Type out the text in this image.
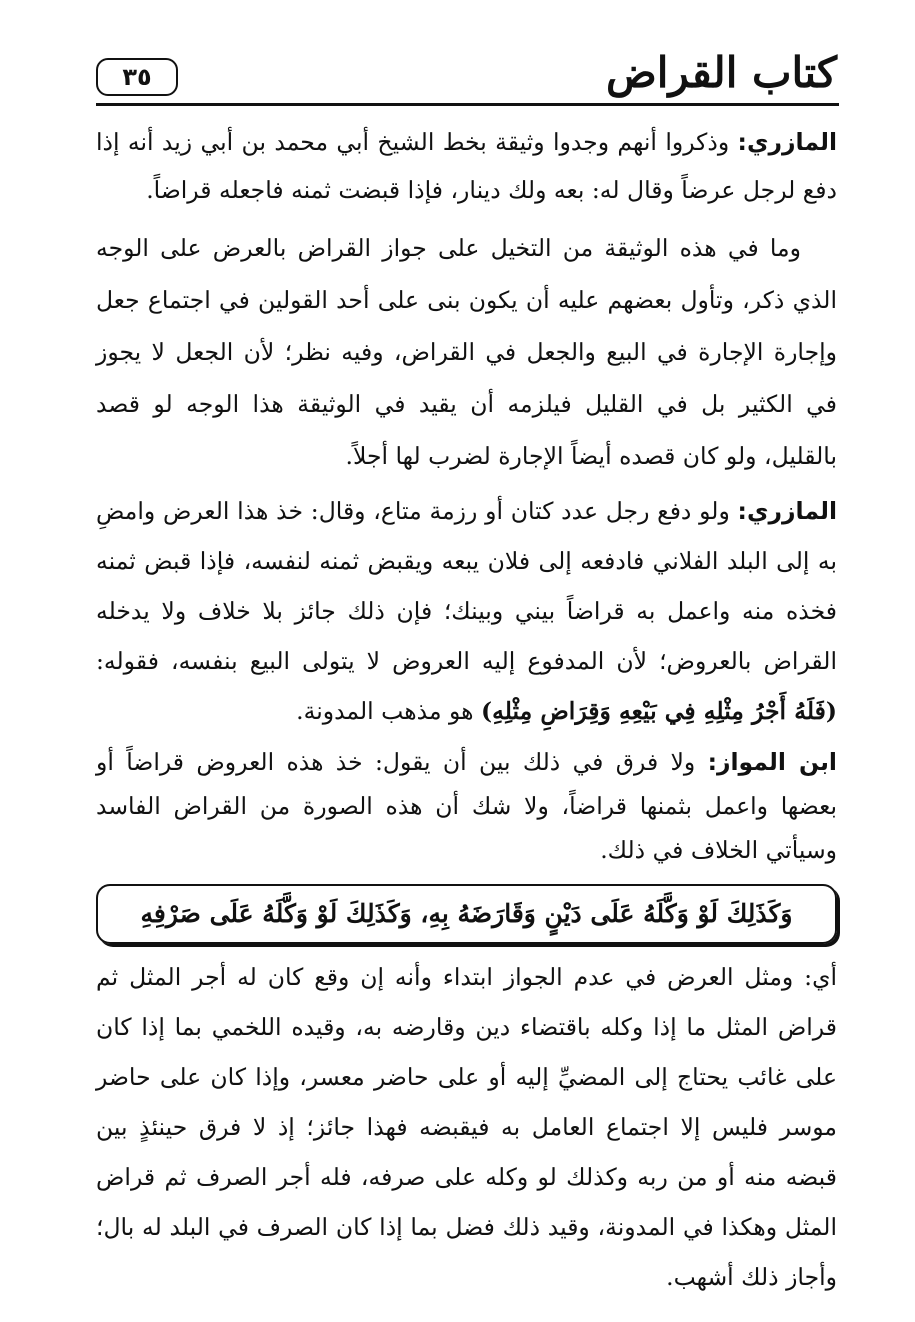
كتاب القراض
٣٥

المازري: وذكروا أنهم وجدوا وثيقة بخط الشيخ أبي محمد بن أبي زيد أنه إذا دفع لرجل عرضاً وقال له: بعه ولك دينار، فإذا قبضت ثمنه فاجعله قراضاً.

وما في هذه الوثيقة من التخيل على جواز القراض بالعرض على الوجه الذي ذكر، وتأول بعضهم عليه أن يكون بنى على أحد القولين في اجتماع جعل وإجارة الإجارة في البيع والجعل في القراض، وفيه نظر؛ لأن الجعل لا يجوز في الكثير بل في القليل فيلزمه أن يقيد في الوثيقة هذا الوجه لو قصد بالقليل، ولو كان قصده أيضاً الإجارة لضرب لها أجلاً.

المازري: ولو دفع رجل عدد كتان أو رزمة متاع، وقال: خذ هذا العرض وامضِ به إلى البلد الفلاني فادفعه إلى فلان يبعه ويقبض ثمنه لنفسه، فإذا قبض ثمنه فخذه منه واعمل به قراضاً بيني وبينك؛ فإن ذلك جائز بلا خلاف ولا يدخله القراض بالعروض؛ لأن المدفوع إليه العروض لا يتولى البيع بنفسه، فقوله: (فَلَهُ أَجْرُ مِثْلِهِ فِي بَيْعِهِ وَقِرَاضِ مِثْلِهِ) هو مذهب المدونة.

ابن المواز: ولا فرق في ذلك بين أن يقول: خذ هذه العروض قراضاً أو بعضها واعمل بثمنها قراضاً، ولا شك أن هذه الصورة من القراض الفاسد وسيأتي الخلاف في ذلك.

وَكَذَلِكَ لَوْ وَكَّلَهُ عَلَى دَيْنٍ وَقَارَضَهُ بِهِ، وَكَذَلِكَ لَوْ وَكَّلَهُ عَلَى صَرْفِهِ

أي: ومثل العرض في عدم الجواز ابتداء وأنه إن وقع كان له أجر المثل ثم قراض المثل ما إذا وكله باقتضاء دين وقارضه به، وقيده اللخمي بما إذا كان على غائب يحتاج إلى المضيِّ إليه أو على حاضر معسر، وإذا كان على حاضر موسر فليس إلا اجتماع العامل به فيقبضه فهذا جائز؛ إذ لا فرق حينئذٍ بين قبضه منه أو من ربه وكذلك لو وكله على صرفه، فله أجر الصرف ثم قراض المثل وهكذا في المدونة، وقيد ذلك فضل بما إذا كان الصرف في البلد له بال؛ وأجاز ذلك أشهب.
